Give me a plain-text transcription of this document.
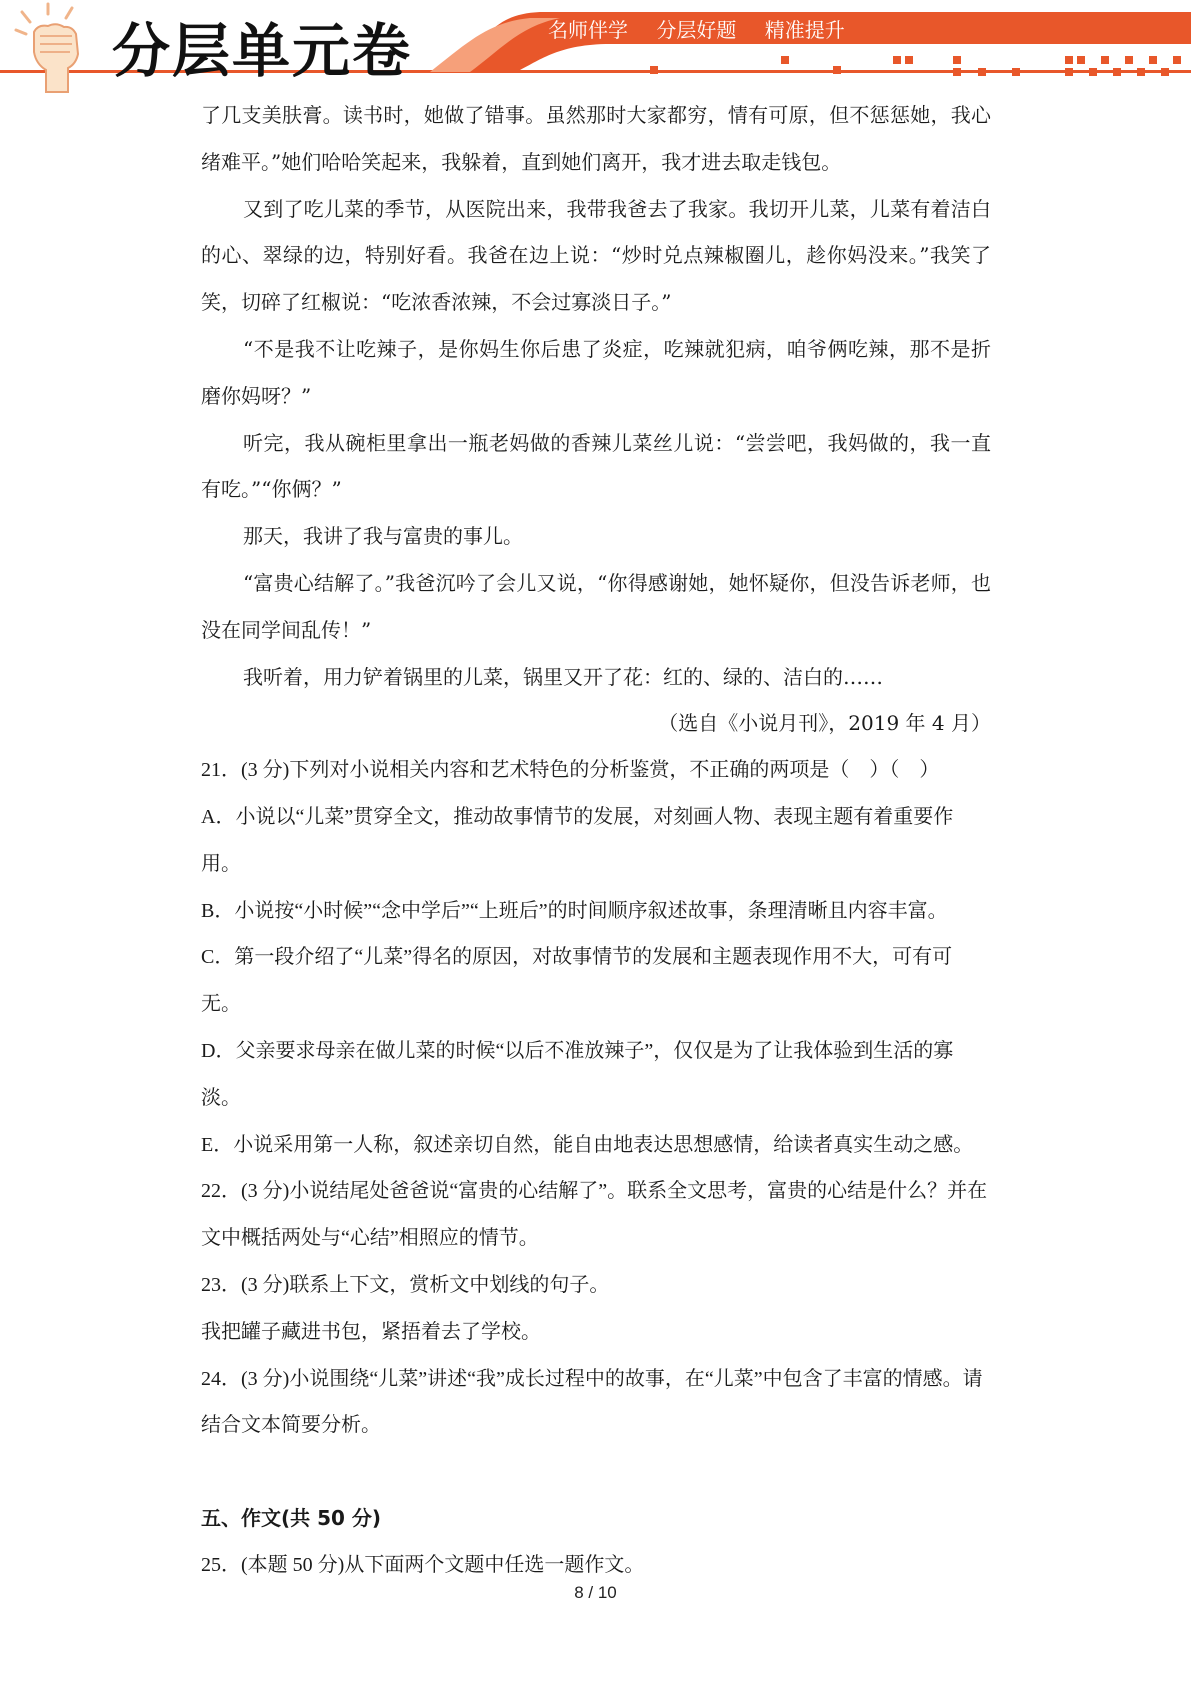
分层单元卷	名师伴学 分层好题 精准提升

了几支美肤膏。读书时，她做了错事。虽然那时大家都穷，情有可原，但不惩惩她，我心绪难平。”她们哈哈笑起来，我躲着，直到她们离开，我才进去取走钱包。

又到了吃儿菜的季节，从医院出来，我带我爸去了我家。我切开儿菜，儿菜有着洁白的心、翠绿的边，特别好看。我爸在边上说：“炒时兑点辣椒圈儿，趁你妈没来。”我笑了笑，切碎了红椒说：“吃浓香浓辣，不会过寡淡日子。”

“不是我不让吃辣子，是你妈生你后患了炎症，吃辣就犯病，咱爷俩吃辣，那不是折磨你妈呀？”

听完，我从碗柜里拿出一瓶老妈做的香辣儿菜丝儿说：“尝尝吧，我妈做的，我一直有吃。”“你俩？”

那天，我讲了我与富贵的事儿。

“富贵心结解了。”我爸沉吟了会儿又说，“你得感谢她，她怀疑你，但没告诉老师，也没在同学间乱传！”

我听着，用力铲着锅里的儿菜，锅里又开了花：红的、绿的、洁白的……

（选自《小说月刊》，2019 年 4 月）

21．(3 分)下列对小说相关内容和艺术特色的分析鉴赏，不正确的两项是（　）（　）

A．小说以“儿菜”贯穿全文，推动故事情节的发展，对刻画人物、表现主题有着重要作用。

B．小说按“小时候”“念中学后”“上班后”的时间顺序叙述故事，条理清晰且内容丰富。

C．第一段介绍了“儿菜”得名的原因，对故事情节的发展和主题表现作用不大，可有可无。

D．父亲要求母亲在做儿菜的时候“以后不准放辣子”，仅仅是为了让我体验到生活的寡淡。

E．小说采用第一人称，叙述亲切自然，能自由地表达思想感情，给读者真实生动之感。

22．(3 分)小说结尾处爸爸说“富贵的心结解了”。联系全文思考，富贵的心结是什么？并在文中概括两处与“心结”相照应的情节。

23．(3 分)联系上下文，赏析文中划线的句子。

我把罐子藏进书包，紧捂着去了学校。

24．(3 分)小说围绕“儿菜”讲述“我”成长过程中的故事，在“儿菜”中包含了丰富的情感。请结合文本简要分析。

五、作文(共 50 分)

25．(本题 50 分)从下面两个文题中任选一题作文。

8 / 10
